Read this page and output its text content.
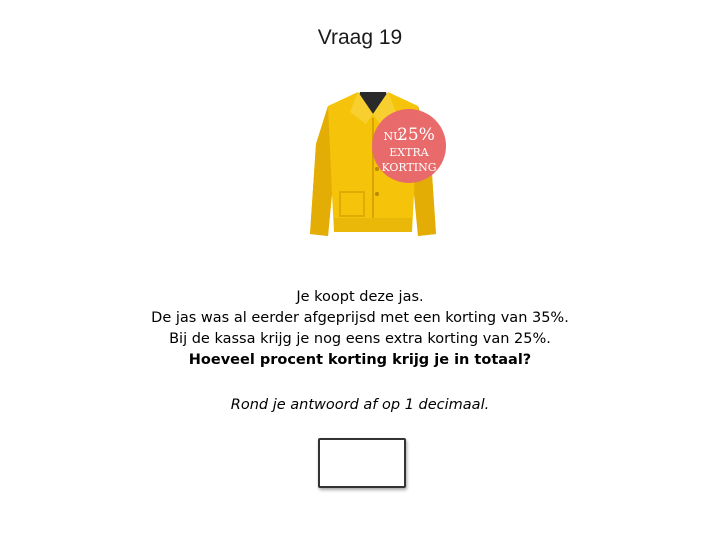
Vraag 19
NU
25%
EXTRA
KORTING
Je koopt deze jas.
De jas was al eerder afgeprijsd met een korting van 35%.
Bij de kassa krijg je nog eens extra korting van 25%.
Hoeveel procent korting krijg je in totaal?
Rond je antwoord af op 1 decimaal.
